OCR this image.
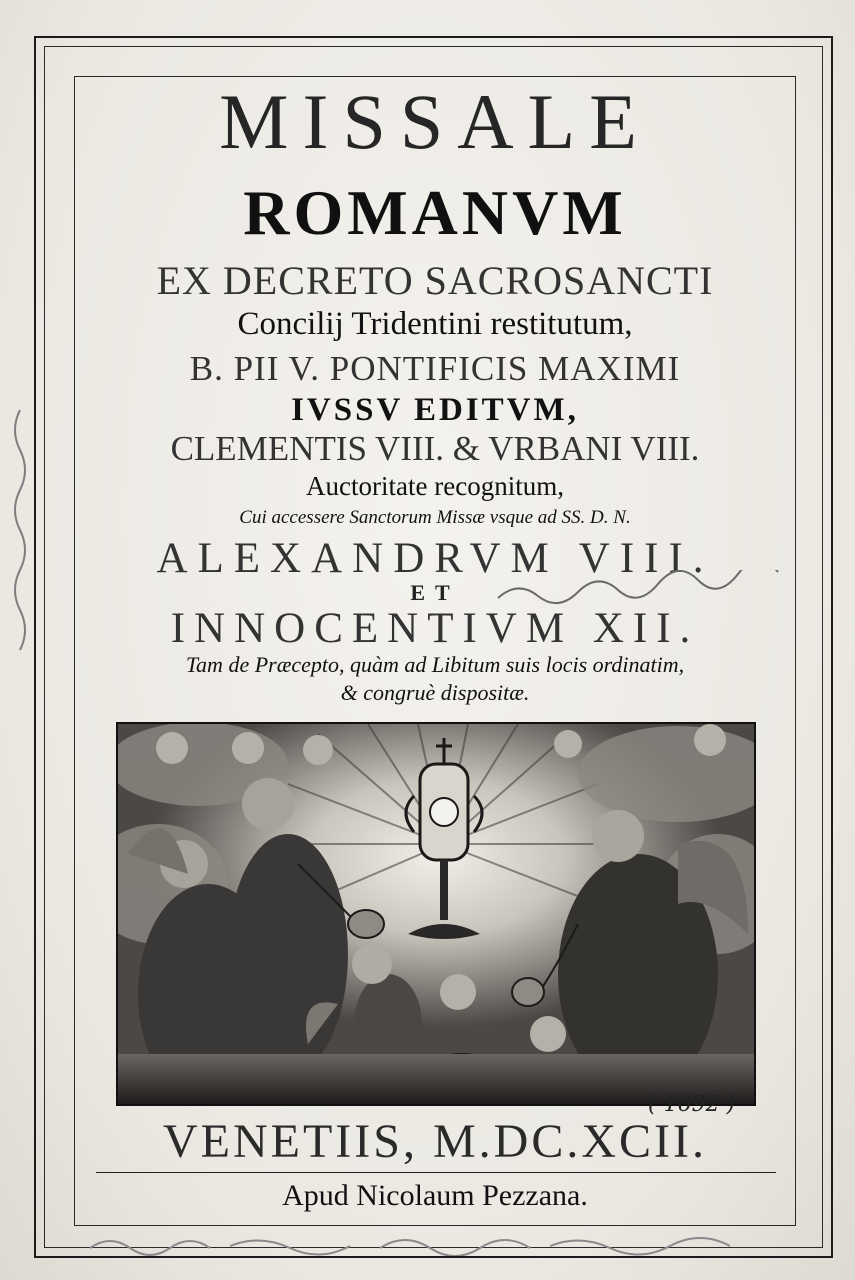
MISSALE

ROMANVM

EX DECRETO SACROSANCTI

Concilij Tridentini restitutum,

B. PII V. PONTIFICIS MAXIMI

IVSSV EDITVM,

CLEMENTIS VIII. & VRBANI VIII.

Auctoritate recognitum,

Cui accessere Sanctorum Missæ vsque ad SS. D. N.

ALEXANDRVM VIII.

ET

INNOCENTIVM XII.

Tam de Præcepto, quàm ad Libitum suis locis ordinatim,

& congruè dispositæ.

VENETIIS, M.DC.XCII.

Apud Nicolaum Pezzana.

( 1692 )
